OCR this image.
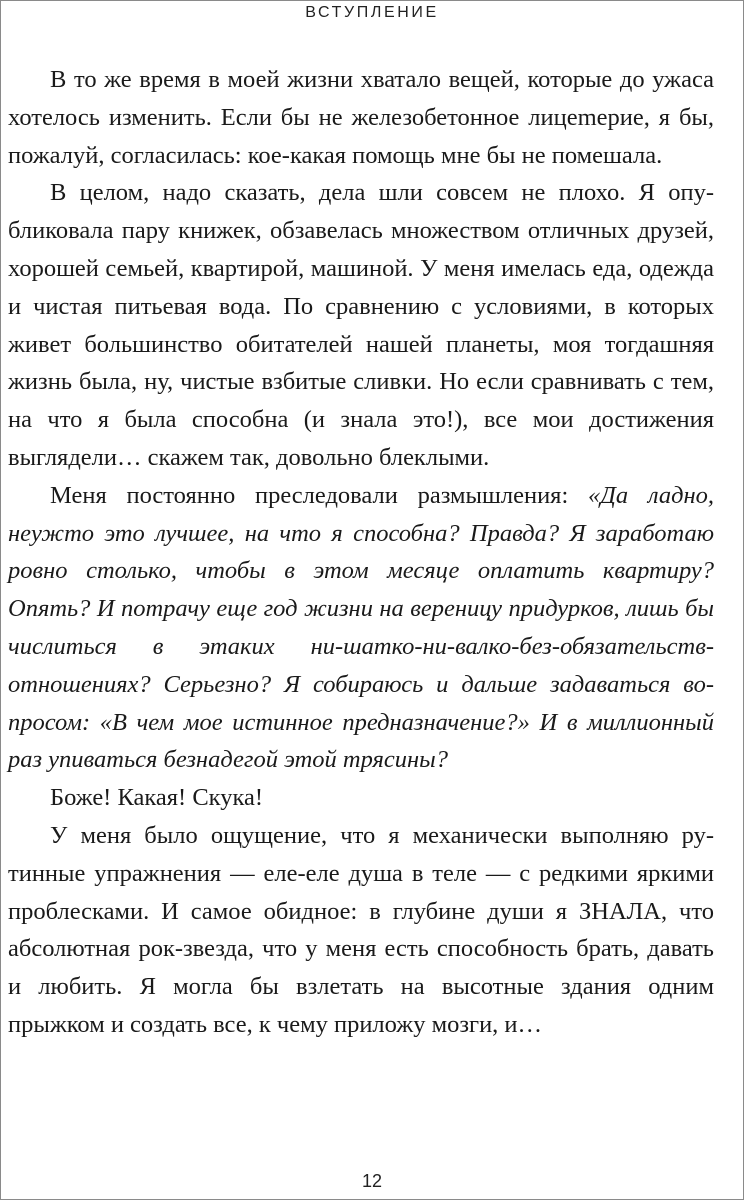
ВСТУПЛЕНИЕ

В то же время в моей жизни хватало вещей, которые до ужаса хотелось изменить. Если бы не железобетонное лицеmерие, я бы, пожалуй, согласилась: кое-какая помощь мне бы не помешала.

В целом, надо сказать, дела шли совсем не плохо. Я опубликовала пару книжек, обзавелась множеством отличных друзей, хорошей семьей, квартирой, машиной. У меня имелась еда, одежда и чистая питьевая вода. По сравнению с условиями, в которых живет большинство обитателей нашей планеты, моя тогдашняя жизнь была, ну, чистые взбитые сливки. Но если сравнивать с тем, на что я была способна (и знала это!), все мои достижения выглядели… скажем так, довольно блеклыми.

Меня постоянно преследовали размышления: «Да ладно, неужто это лучшее, на что я способна? Правда? Я заработаю ровно столько, чтобы в этом месяце оплатить квартиру? Опять? И потрачу еще год жизни на вереницу придурков, лишь бы числиться в этаких ни-шатко-ни-валко-без-обязательств-отношениях? Серьезно? Я собираюсь и дальше задаваться вопросом: «В чем мое истинное предназначение?» И в миллионный раз упиваться безнадегой этой трясины?

Боже! Какая! Скука!

У меня было ощущение, что я механически выполняю рутинные упражнения — еле-еле душа в теле — с редкими яркими проблесками. И самое обидное: в глубине души я ЗНАЛА, что абсолютная рок-звезда, что у меня есть способность брать, давать и любить. Я могла бы взлетать на высотные здания одним прыжком и создать все, к чему приложу мозги, и…

12
